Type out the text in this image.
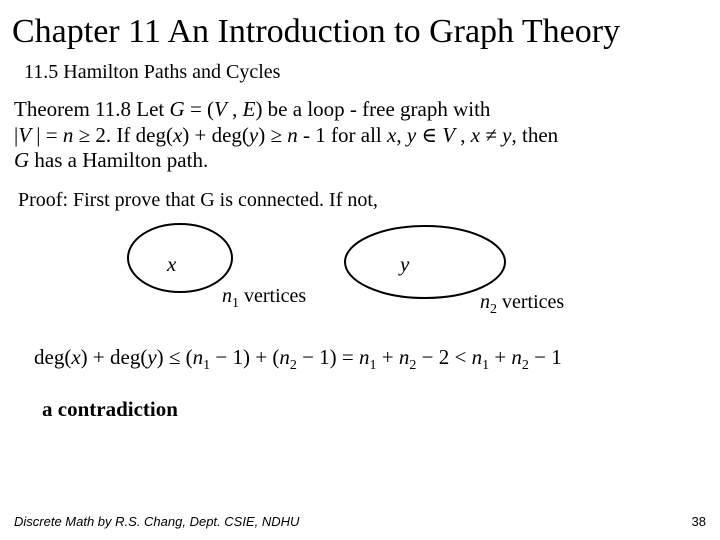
Chapter 11 An Introduction to Graph Theory
11.5 Hamilton Paths and Cycles
Theorem 11.8 Let G = (V , E) be a loop - free graph with
|V | = n ≥ 2. If deg(x) + deg(y) ≥ n - 1 for all x, y ∈ V , x ≠ y, then
G has a Hamilton path.
Proof: First prove that G is connected. If not,
x	y
$n_1$ vertices	$n_2$ vertices
$deg(x) + deg(y) \le (n_1 - 1) + (n_2 - 1) = n_1 + n_2 - 2 < n_1 + n_2 - 1$
a contradiction
Discrete Math by R.S. Chang, Dept. CSIE, NDHU	38
